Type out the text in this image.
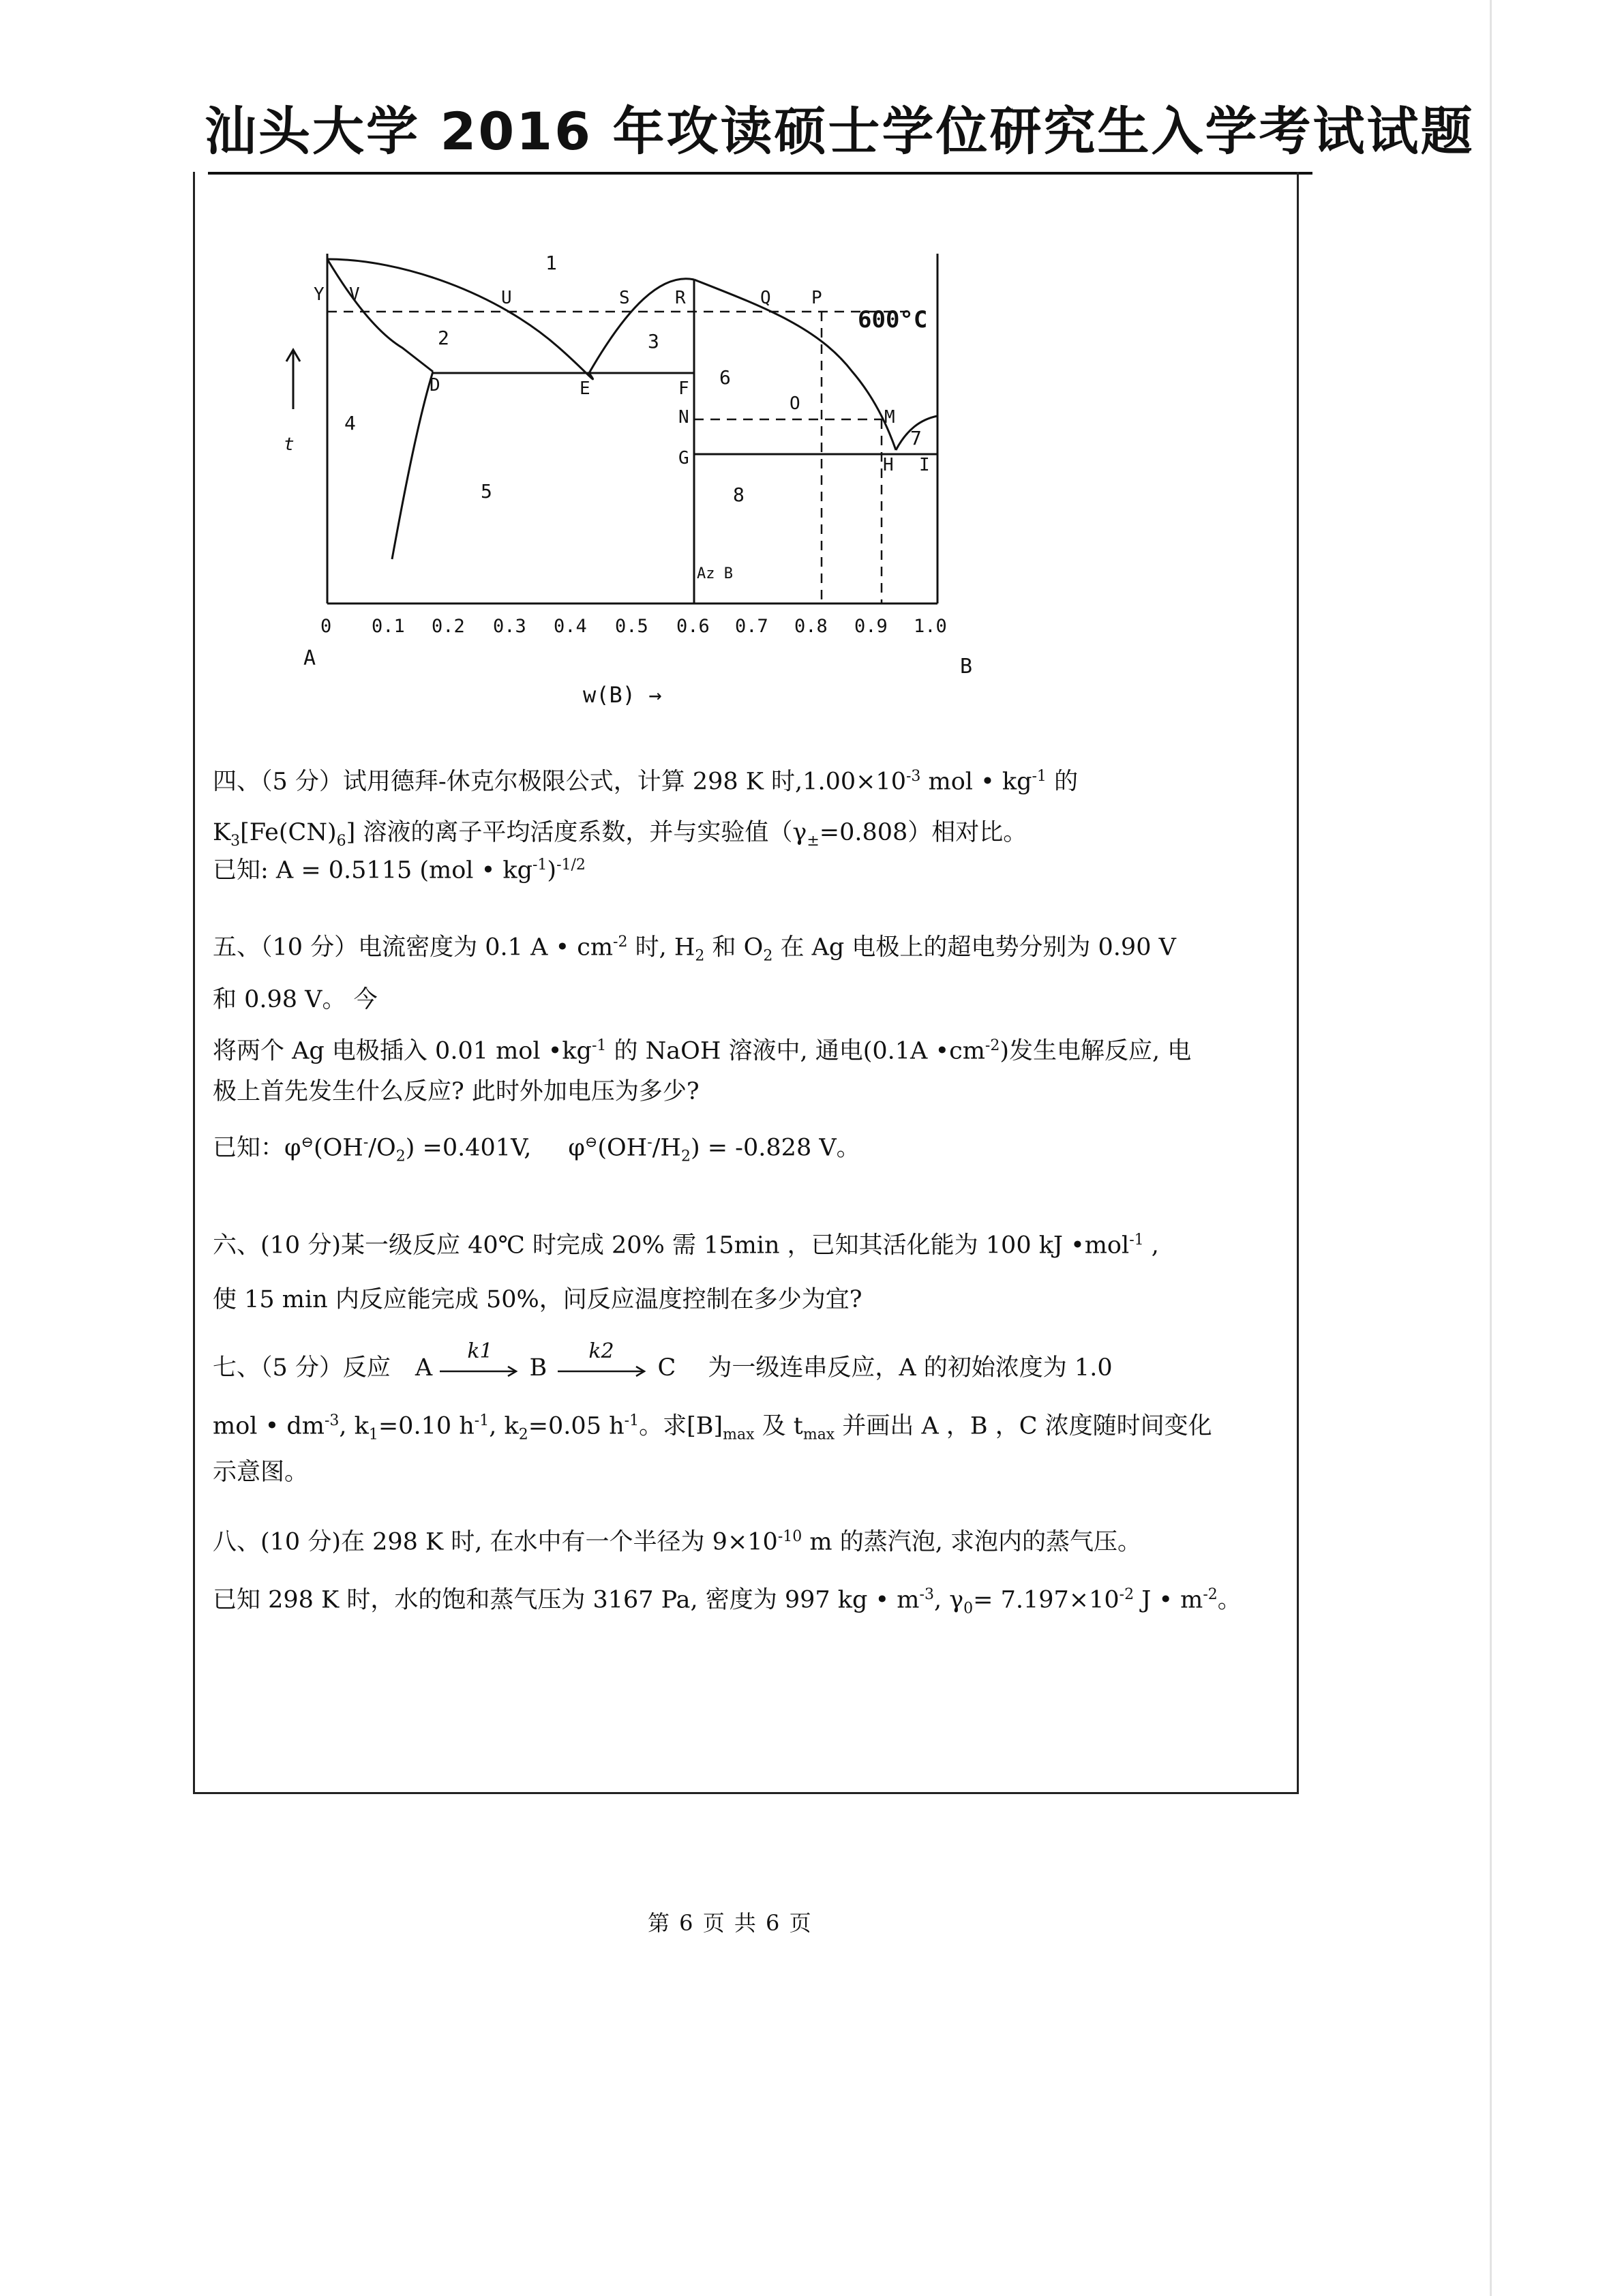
汕头大学 2016 年攻读硕士学位研究生入学考试试题
Y V	U	S	R	Q P
D	E	F
N
O
M
G	H I
1
2	3
4
5
6
7
8
Az B
600°C
t
0 0.1 0.2 0.3 0.4 0.5 0.6 0.7 0.8 0.9 1.0
A	B
w(B) →
四、（5 分）试用德拜-休克尔极限公式，计算 298 K 时$,1.00\times 10^{-3}$ mol • $kg^{-1}$ 的
$K_3[Fe(CN)_6]$ 溶液的离子平均活度系数，并与实验值$(\gamma_\pm=0.808)$相对比。
已知: A = 0.5115 (mol • $kg^{-1})^{-1/2}$
五、（10 分）电流密度为 0.1 A • $cm^{-2}$ 时, $H_2$ 和 $O_2$ 在 Ag 电极上的超电势分别为 0.90 V
和 0.98 V。 今
将两个 Ag 电极插入 0.01 mol $•kg^{-1}$ 的 NaOH 溶液中, 通电(0.1A $•cm^{-2}$)发生电解反应, 电
极上首先发生什么反应? 此时外加电压为多少?
已知：$\varphi^⊖(OH^-/O_2) =0.401V$, $\varphi^⊖(OH^-/H_2) = -0.828$ V。
六、(10 分)某一级反应 40℃ 时完成 20% 需 15min ，已知其活化能为 100 kJ •mol$^{-1}$ ,
使 15 min 内反应能完成 50%，问反应温度控制在多少为宜?
七、（5 分）反应 A
k1
B
k2
C 为一级连串反应，A 的初始浓度为 1.0
mol • $dm^{-3}$, $k_1=0.10$ $h^{-1}$, $k_2=0.05$ $h^{-1}$。求$[B]_{max}$ 及 $t_{max}$ 并画出 A ，B ，C 浓度随时间变化
示意图。
八、(10 分)在 298 K 时, 在水中有一个半径为 $9\times 10^{-10}$ m 的蒸汽泡, 求泡内的蒸气压。
已知 298 K 时，水的饱和蒸气压为 3167 Pa, 密度为 997 kg • $m^{-3}$, $\gamma_0= 7.197\times 10^{-2}$ J • $m^{-2}$。
第 6 页 共 6 页
